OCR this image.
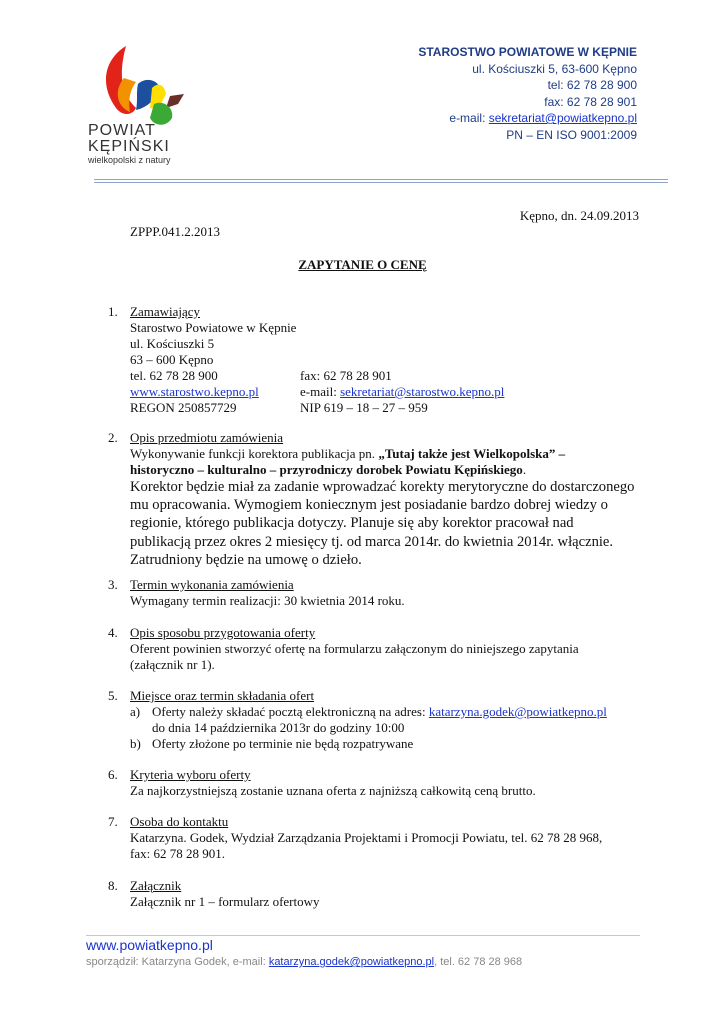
POWIAT
KĘPIŃSKI
wielkopolski z natury
STAROSTWO POWIATOWE W KĘPNIE
ul. Kościuszki 5, 63-600 Kępno
tel: 62 78 28 900
fax: 62 78 28 901
e-mail: sekretariat@powiatkepno.pl
PN – EN ISO 9001:2009
Kępno, dn. 24.09.2013
ZPPP.041.2.2013
ZAPYTANIE O CENĘ
1. Zamawiający
Starostwo Powiatowe w Kępnie
ul. Kościuszki 5
63 – 600 Kępno
tel. 62 78 28 900	fax: 62 78 28 901
www.starostwo.kepno.pl	e-mail: sekretariat@starostwo.kepno.pl
REGON 250857729	NIP 619 – 18 – 27 – 959
2. Opis przedmiotu zamówienia
Wykonywanie funkcji korektora publikacja pn. „Tutaj także jest Wielkopolska” –
historyczno – kulturalno – przyrodniczy dorobek Powiatu Kępińskiego.
Korektor będzie miał za zadanie wprowadzać korekty merytoryczne do dostarczonego
mu opracowania. Wymogiem koniecznym jest posiadanie bardzo dobrej wiedzy o
regionie, którego publikacja dotyczy. Planuje się aby korektor pracował nad
publikacją przez okres 2 miesięcy tj. od marca 2014r. do kwietnia 2014r. włącznie.
Zatrudniony będzie na umowę o dzieło.
3. Termin wykonania zamówienia
Wymagany termin realizacji: 30 kwietnia 2014 roku.
4. Opis sposobu przygotowania oferty
Oferent powinien stworzyć ofertę na formularzu załączonym do niniejszego zapytania
(załącznik nr 1).
5. Miejsce oraz termin składania ofert
a) Oferty należy składać pocztą elektroniczną na adres: katarzyna.godek@powiatkepno.pl
do dnia 14 października 2013r do godziny 10:00
b) Oferty złożone po terminie nie będą rozpatrywane
6. Kryteria wyboru oferty
Za najkorzystniejszą zostanie uznana oferta z najniższą całkowitą ceną brutto.
7. Osoba do kontaktu
Katarzyna. Godek, Wydział Zarządzania Projektami i Promocji Powiatu, tel. 62 78 28 968,
fax: 62 78 28 901.
8. Załącznik
Załącznik nr 1 – formularz ofertowy
www.powiatkepno.pl
sporządził: Katarzyna Godek, e-mail: katarzyna.godek@powiatkepno.pl, tel. 62 78 28 968
